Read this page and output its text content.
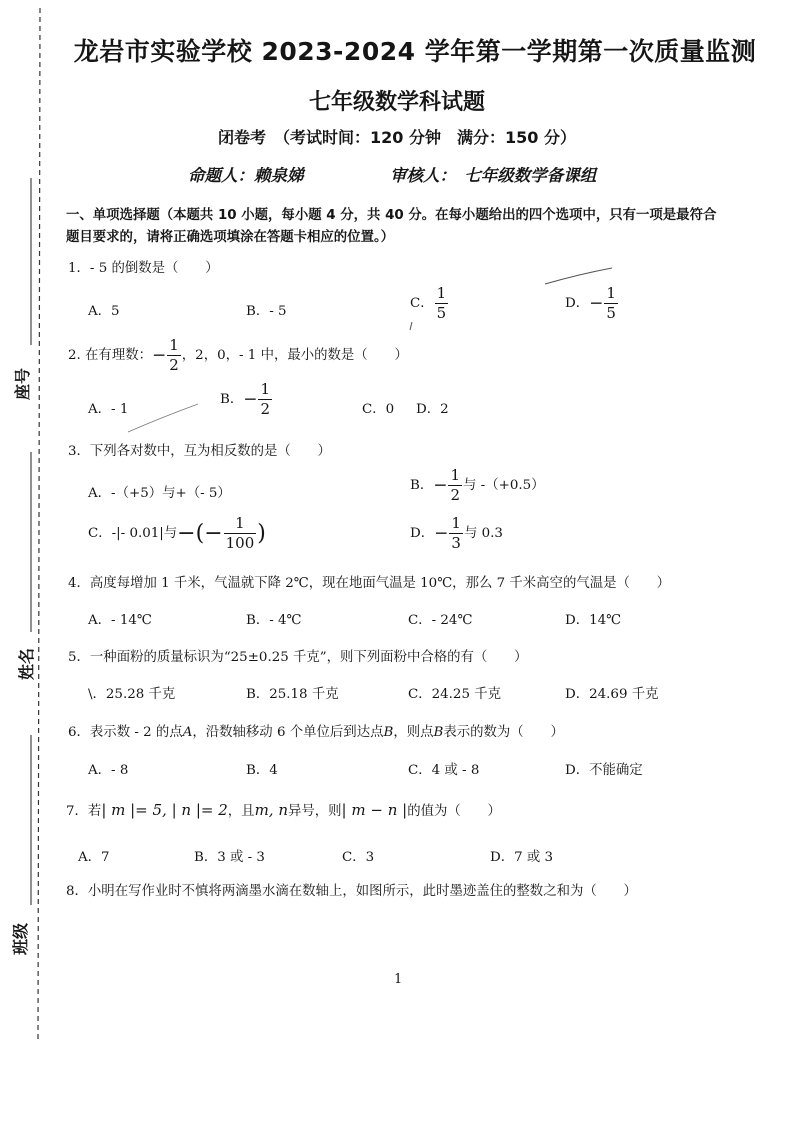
座号
姓名
班级
龙岩市实验学校 2023-2024 学年第一学期第一次质量监测
七年级数学科试题
闭卷考　（考试时间：120 分钟　满分：150 分）
命题人：赖泉娣	审核人：　七年级数学备课组
一、单项选择题（本题共 10 小题，每小题 4 分，共 40 分。在每小题给出的四个选项中，只有一项是最符合
题目要求的，请将正确选项填涂在答题卡相应的位置。）
1．- 5 的倒数是（　　）
A．5	B．- 5
C． $\frac{1}{5}$	D．− $\frac{1}{5}$
2. 在有理数：− $\frac{1}{2}$ ，2，0，- 1 中，最小的数是（　　）
A．- 1
B．− $\frac{1}{2}$	C．0 D．2
3．下列各对数中，互为相反数的是（　　）
A．-（+5）与+（- 5）
B．− $\frac{1}{2}$ 与 -（+0.5）
C．-|- 0.01|与−(− $\frac{1}{100}$ )	D．− $\frac{1}{3}$ 与 0.3
4．高度每增加 1 千米，气温就下降 2℃，现在地面气温是 10℃，那么 7 千米高空的气温是（　　）
A．- 14℃	B．- 4℃	C．- 24℃	D．14℃
5．一种面粉的质量标识为“25±0.25 千克”，则下列面粉中合格的有（　　）
\．25.28 千克	B．25.18 千克	C．24.25 千克	D．24.69 千克
6．表示数 - 2 的点A，沿数轴移动 6 个单位后到达点B，则点B表示的数为（　　）
A．- 8	B．4	C．4 或 - 8	D．不能确定
7．若| m |= 5, | n |= 2，且m, n异号，则| m − n |的值为（　　）
A．7	B．3 或 - 3	C．3	D．7 或 3
8．小明在写作业时不慎将两滴墨水滴在数轴上，如图所示，此时墨迹盖住的整数之和为（　　）
1
